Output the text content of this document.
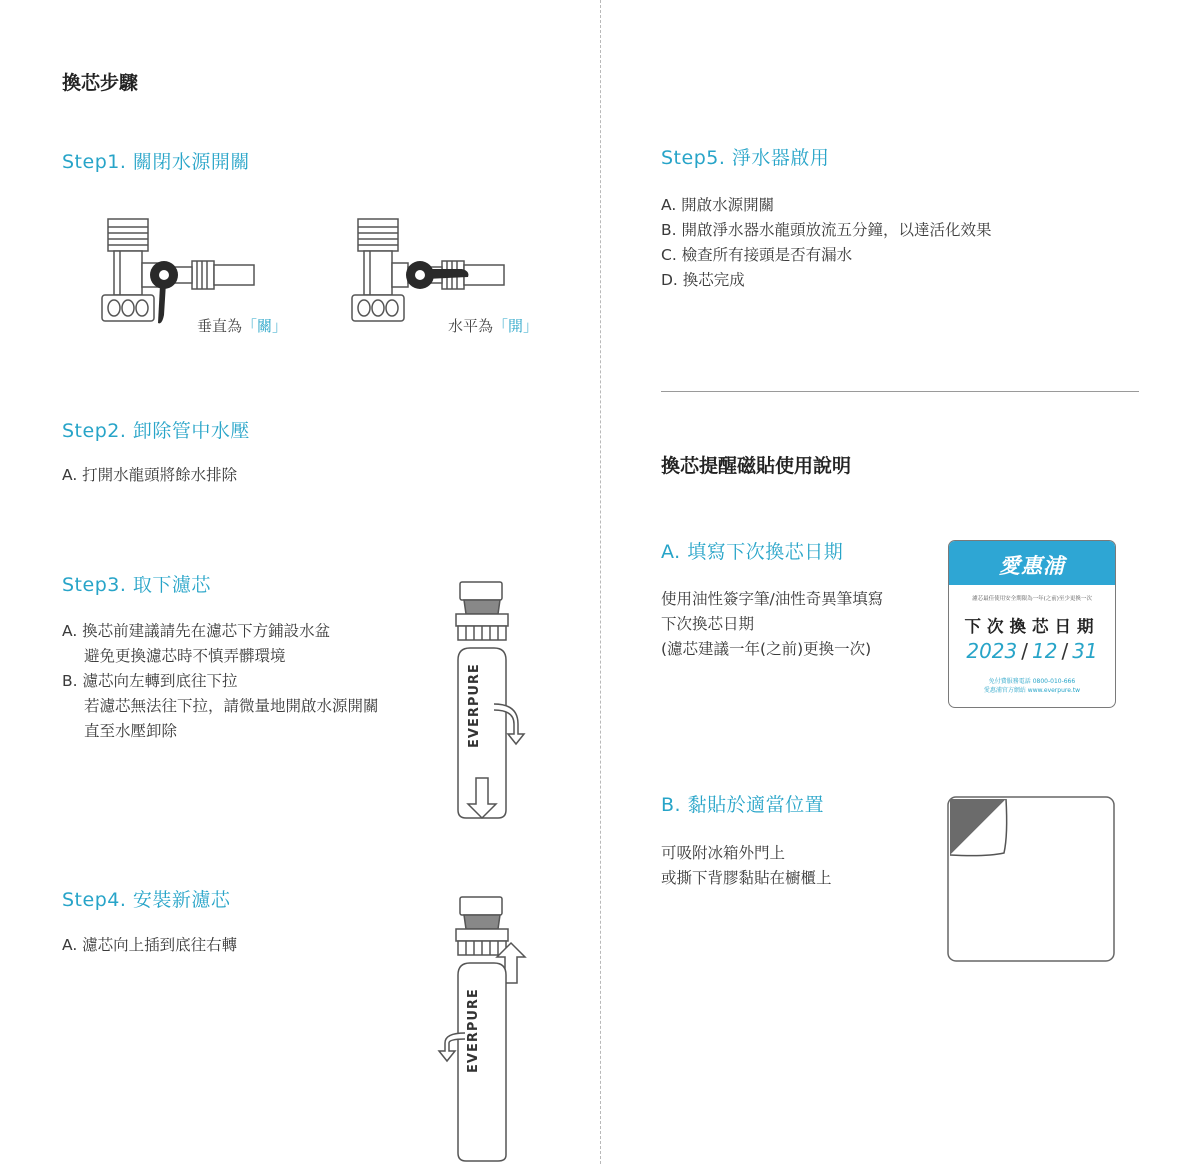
換芯步驟
Step1. 關閉水源開關
垂直為「關」	水平為「開」
Step2. 卸除管中水壓
A. 打開水龍頭將餘水排除
Step3. 取下濾芯
A. 換芯前建議請先在濾芯下方鋪設水盆
避免更換濾芯時不慎弄髒環境
B. 濾芯向左轉到底往下拉
若濾芯無法往下拉，請微量地開啟水源開關
直至水壓卸除	EVERPURE
Step4. 安裝新濾芯
A. 濾芯向上插到底往右轉
EVERPURE
Step5. 淨水器啟用
A. 開啟水源開關
B. 開啟淨水器水龍頭放流五分鐘，以達活化效果
C. 檢查所有接頭是否有漏水
D. 換芯完成
換芯提醒磁貼使用說明
A. 填寫下次換芯日期
使用油性簽字筆/油性奇異筆填寫
下次換芯日期
(濾芯建議一年(之前)更換一次)
愛惠浦
濾芯最佳使用安全期限為一年(之前)至少更換一次
下次換芯日期
2023 / 12 / 31
免付費服務電話 0800-010-666
愛惠浦官方網站 www.everpure.tw
B. 黏貼於適當位置
可吸附冰箱外門上
或撕下背膠黏貼在櫥櫃上
